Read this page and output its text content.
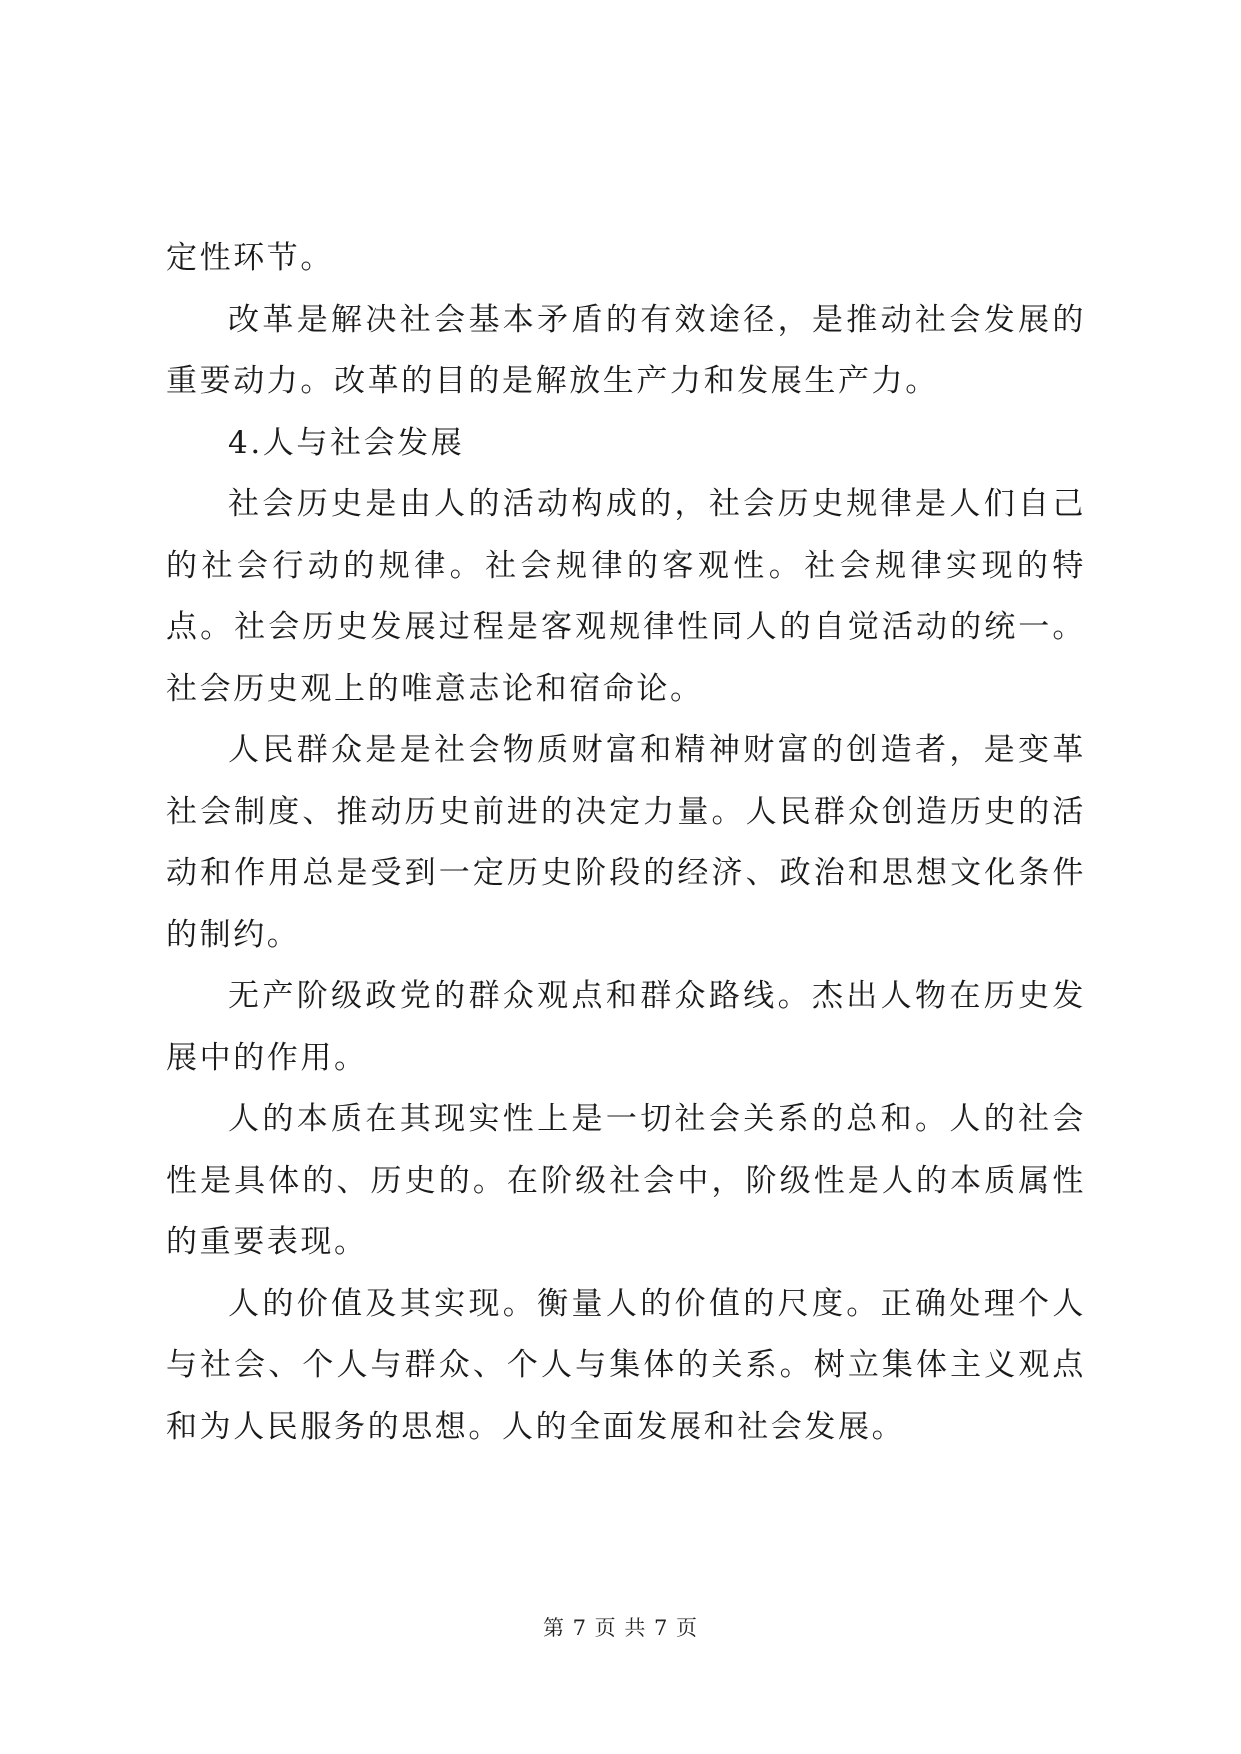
定性环节。

改革是解决社会基本矛盾的有效途径，是推动社会发展的重要动力。改革的目的是解放生产力和发展生产力。

4.人与社会发展

社会历史是由人的活动构成的，社会历史规律是人们自己的社会行动的规律。社会规律的客观性。社会规律实现的特点。社会历史发展过程是客观规律性同人的自觉活动的统一。社会历史观上的唯意志论和宿命论。

人民群众是是社会物质财富和精神财富的创造者，是变革社会制度、推动历史前进的决定力量。人民群众创造历史的活动和作用总是受到一定历史阶段的经济、政治和思想文化条件的制约。

无产阶级政党的群众观点和群众路线。杰出人物在历史发展中的作用。

人的本质在其现实性上是一切社会关系的总和。人的社会性是具体的、历史的。在阶级社会中，阶级性是人的本质属性的重要表现。

人的价值及其实现。衡量人的价值的尺度。正确处理个人与社会、个人与群众、个人与集体的关系。树立集体主义观点和为人民服务的思想。人的全面发展和社会发展。

第 7 页 共 7 页
